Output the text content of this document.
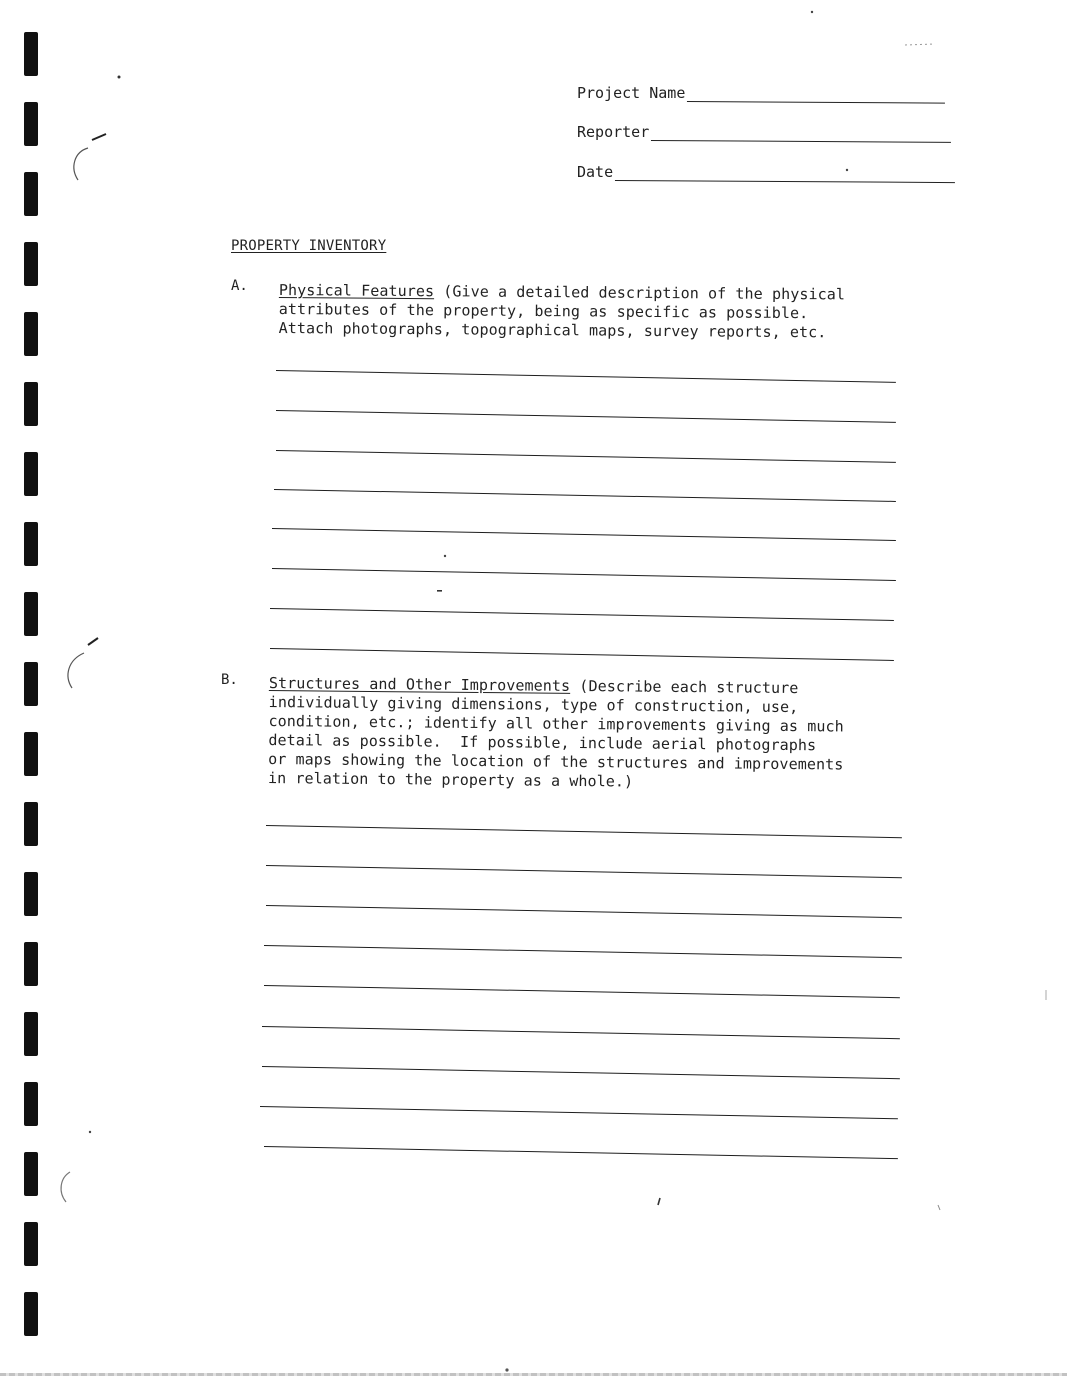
Project Name
Reporter
Date
PROPERTY INVENTORY
A. Physical Features (Give a detailed description of the physical
attributes of the property, being as specific as possible.
Attach photographs, topographical maps, survey reports, etc.
B. Structures and Other Improvements (Describe each structure
individually giving dimensions, type of construction, use,
condition, etc.; identify all other improvements giving as much
detail as possible.  If possible, include aerial photographs
or maps showing the location of the structures and improvements
in relation to the property as a whole.)
